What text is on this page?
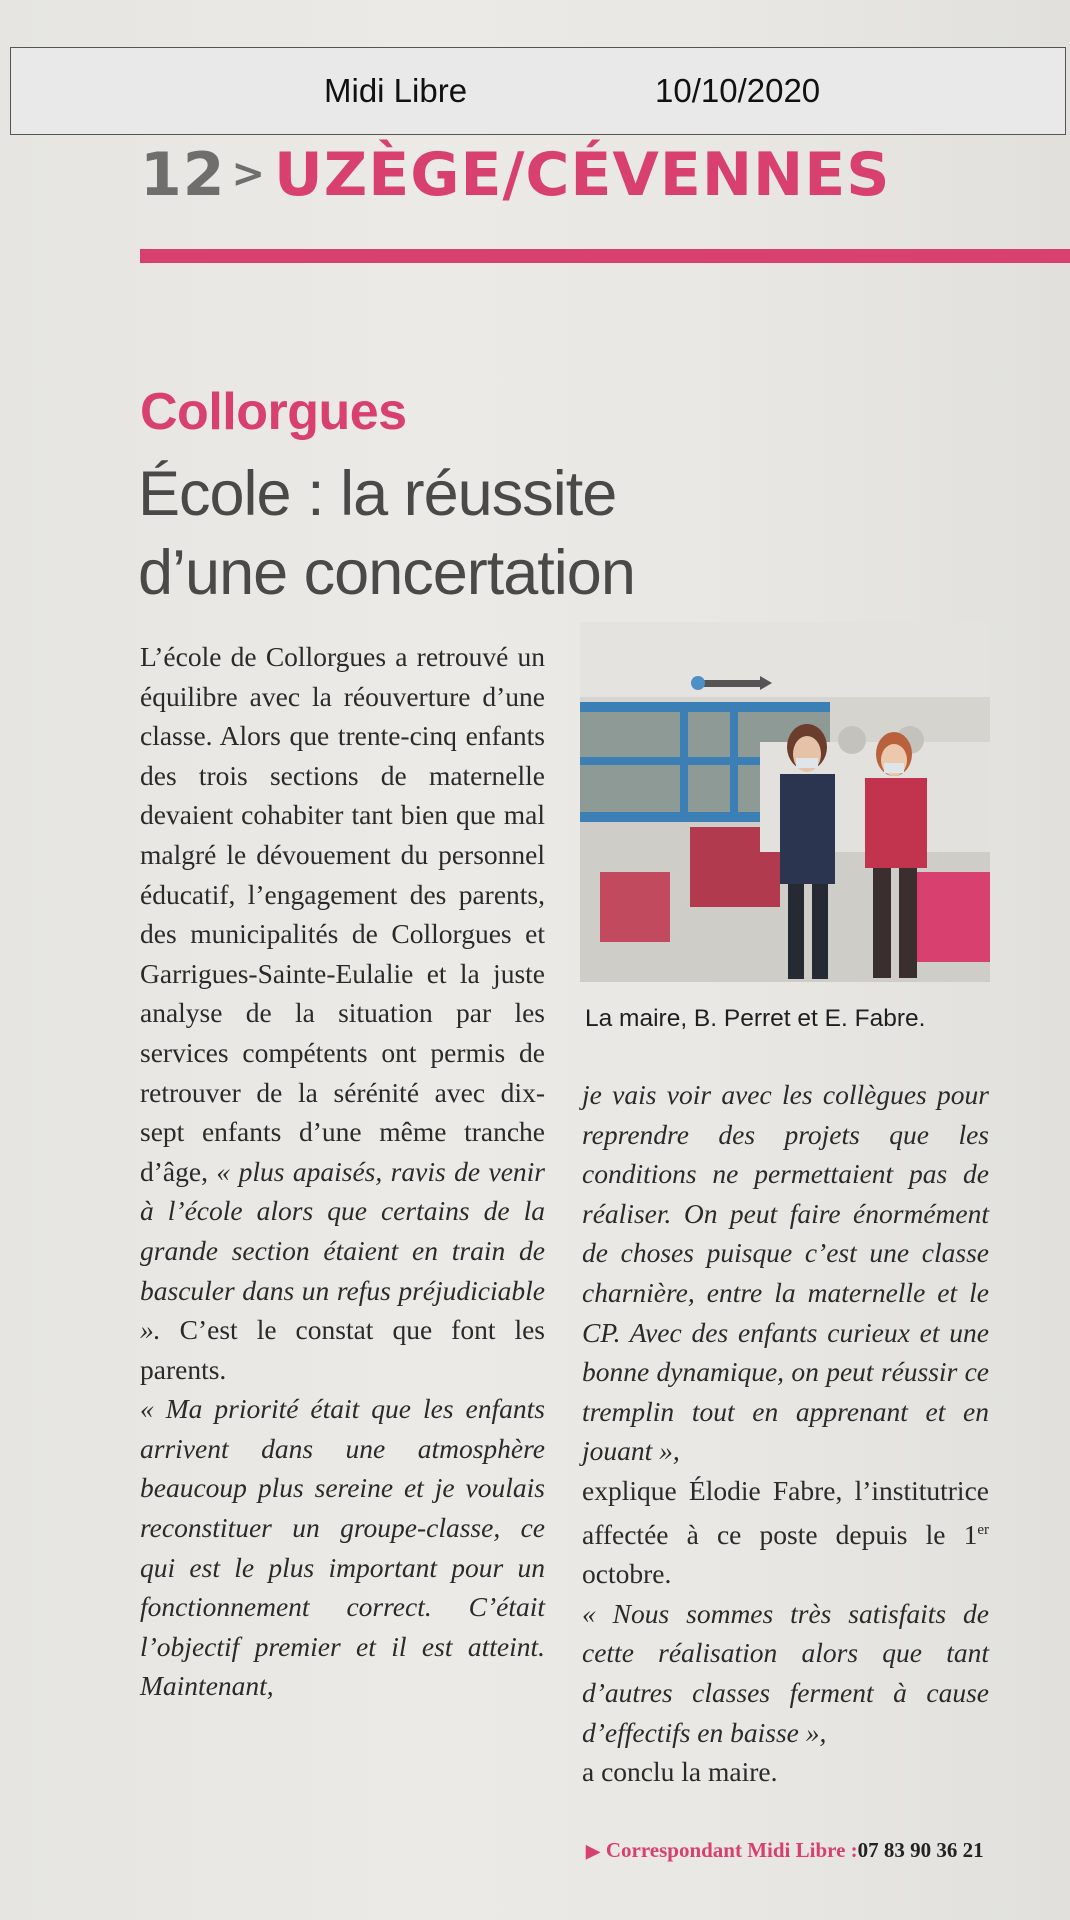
Midi Libre	10/10/2020
12 > UZÈGE/CÉVENNES
Collorgues
École : la réussite
d’une concertation

L’école de Collorgues a retrouvé un équilibre avec la réouverture d’une classe. Alors que trente-cinq enfants des trois sections de maternelle devaient cohabiter tant bien que mal malgré le dévouement du personnel éducatif, l’engagement des parents, des municipalités de Collorgues et Garrigues-Sainte-Eulalie et la juste analyse de la situation par les services compétents ont permis de retrouver de la sérénité avec dix-sept enfants d’une même tranche d’âge, « plus apaisés, ravis de venir à l’école alors que certains de la grande section étaient en train de basculer dans un refus préjudiciable ». C’est le constat que font les parents.

« Ma priorité était que les enfants arrivent dans une atmosphère beaucoup plus sereine et je voulais reconstituer un groupe-classe, ce qui est le plus important pour un fonctionnement correct. C’était l’objectif premier et il est atteint. Maintenant,

La maire, B. Perret et E. Fabre.

je vais voir avec les collègues pour reprendre des projets que les conditions ne permettaient pas de réaliser. On peut faire énormément de choses puisque c’est une classe charnière, entre la maternelle et le CP. Avec des enfants curieux et une bonne dynamique, on peut réussir ce tremplin tout en apprenant et en jouant »,

explique Élodie Fabre, l’institutrice affectée à ce poste depuis le 1er octobre.

« Nous sommes très satisfaits de cette réalisation alors que tant d’autres classes ferment à cause d’effectifs en baisse »,
a conclu la maire.

▶ Correspondant Midi Libre :07 83 90 36 21
